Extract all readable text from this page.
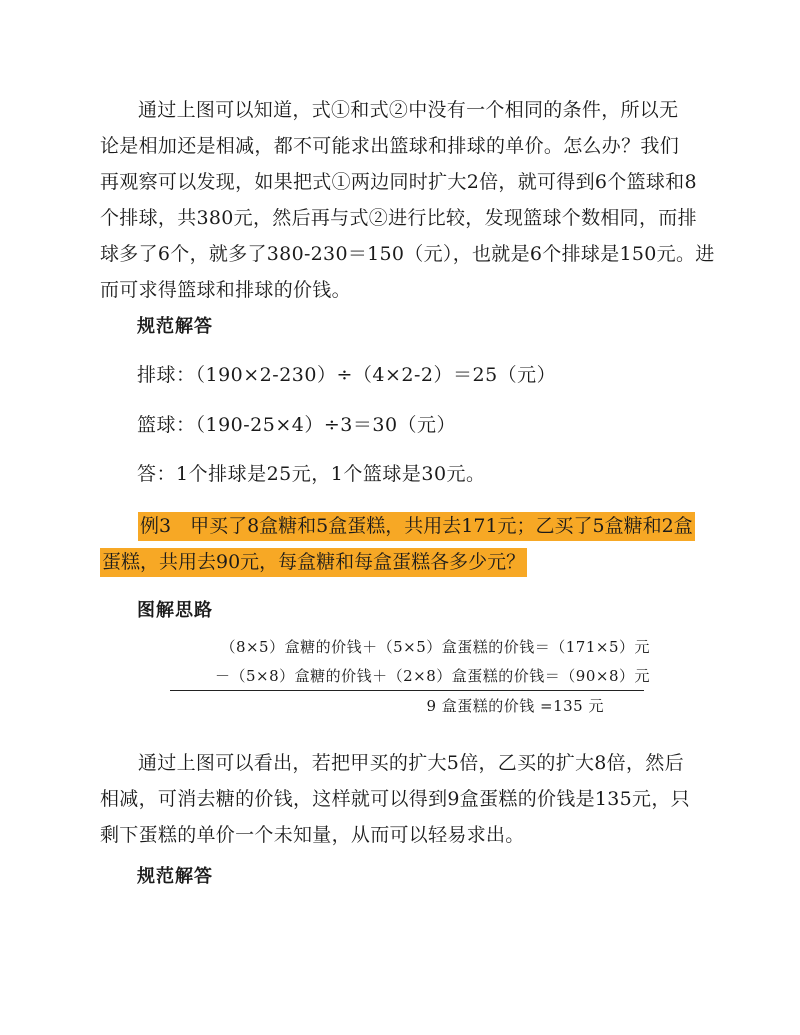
通过上图可以知道，式①和式②中没有一个相同的条件，所以无
论是相加还是相减，都不可能求出篮球和排球的单价。怎么办？我们
再观察可以发现，如果把式①两边同时扩大2倍，就可得到6个篮球和8
个排球，共380元，然后再与式②进行比较，发现篮球个数相同，而排
球多了6个，就多了380-230＝150（元），也就是6个排球是150元。进
而可求得篮球和排球的价钱。
规范解答
排球：（190×2-230）÷（4×2-2）＝25（元）
篮球：（190-25×4）÷3＝30（元）
答：1个排球是25元，1个篮球是30元。
例3　甲买了8盒糖和5盒蛋糕，共用去171元；乙买了5盒糖和2盒
蛋糕，共用去90元，每盒糖和每盒蛋糕各多少元？
图解思路
（8×5）盒糖的价钱＋（5×5）盒蛋糕的价钱＝（171×5）元
－（5×8）盒糖的价钱＋（2×8）盒蛋糕的价钱＝（90×8）元
9 盒蛋糕的价钱 =135 元
通过上图可以看出，若把甲买的扩大5倍，乙买的扩大8倍，然后
相减，可消去糖的价钱，这样就可以得到9盒蛋糕的价钱是135元，只
剩下蛋糕的单价一个未知量，从而可以轻易求出。
规范解答
